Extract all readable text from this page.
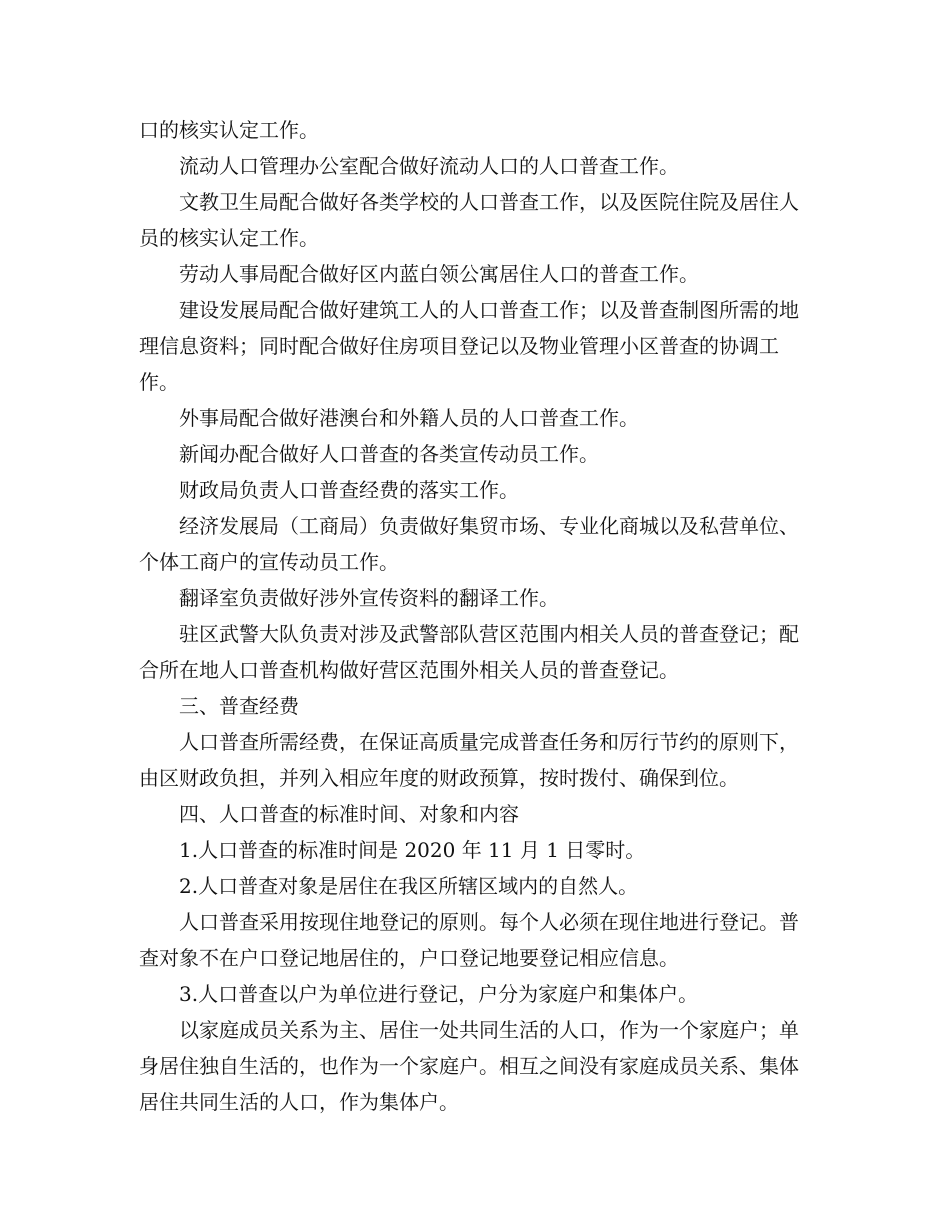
口的核实认定工作。

流动人口管理办公室配合做好流动人口的人口普查工作。

文教卫生局配合做好各类学校的人口普查工作，以及医院住院及居住人员的核实认定工作。

劳动人事局配合做好区内蓝白领公寓居住人口的普查工作。

建设发展局配合做好建筑工人的人口普查工作；以及普查制图所需的地理信息资料；同时配合做好住房项目登记以及物业管理小区普查的协调工作。

外事局配合做好港澳台和外籍人员的人口普查工作。

新闻办配合做好人口普查的各类宣传动员工作。

财政局负责人口普查经费的落实工作。

经济发展局（工商局）负责做好集贸市场、专业化商城以及私营单位、个体工商户的宣传动员工作。

翻译室负责做好涉外宣传资料的翻译工作。

驻区武警大队负责对涉及武警部队营区范围内相关人员的普查登记；配合所在地人口普查机构做好营区范围外相关人员的普查登记。

三、普查经费

人口普查所需经费，在保证高质量完成普查任务和厉行节约的原则下，由区财政负担，并列入相应年度的财政预算，按时拨付、确保到位。

四、人口普查的标准时间、对象和内容

1.人口普查的标准时间是 2020 年 11 月 1 日零时。

2.人口普查对象是居住在我区所辖区域内的自然人。

人口普查采用按现住地登记的原则。每个人必须在现住地进行登记。普查对象不在户口登记地居住的，户口登记地要登记相应信息。

3.人口普查以户为单位进行登记，户分为家庭户和集体户。

以家庭成员关系为主、居住一处共同生活的人口，作为一个家庭户；单身居住独自生活的，也作为一个家庭户。相互之间没有家庭成员关系、集体居住共同生活的人口，作为集体户。
